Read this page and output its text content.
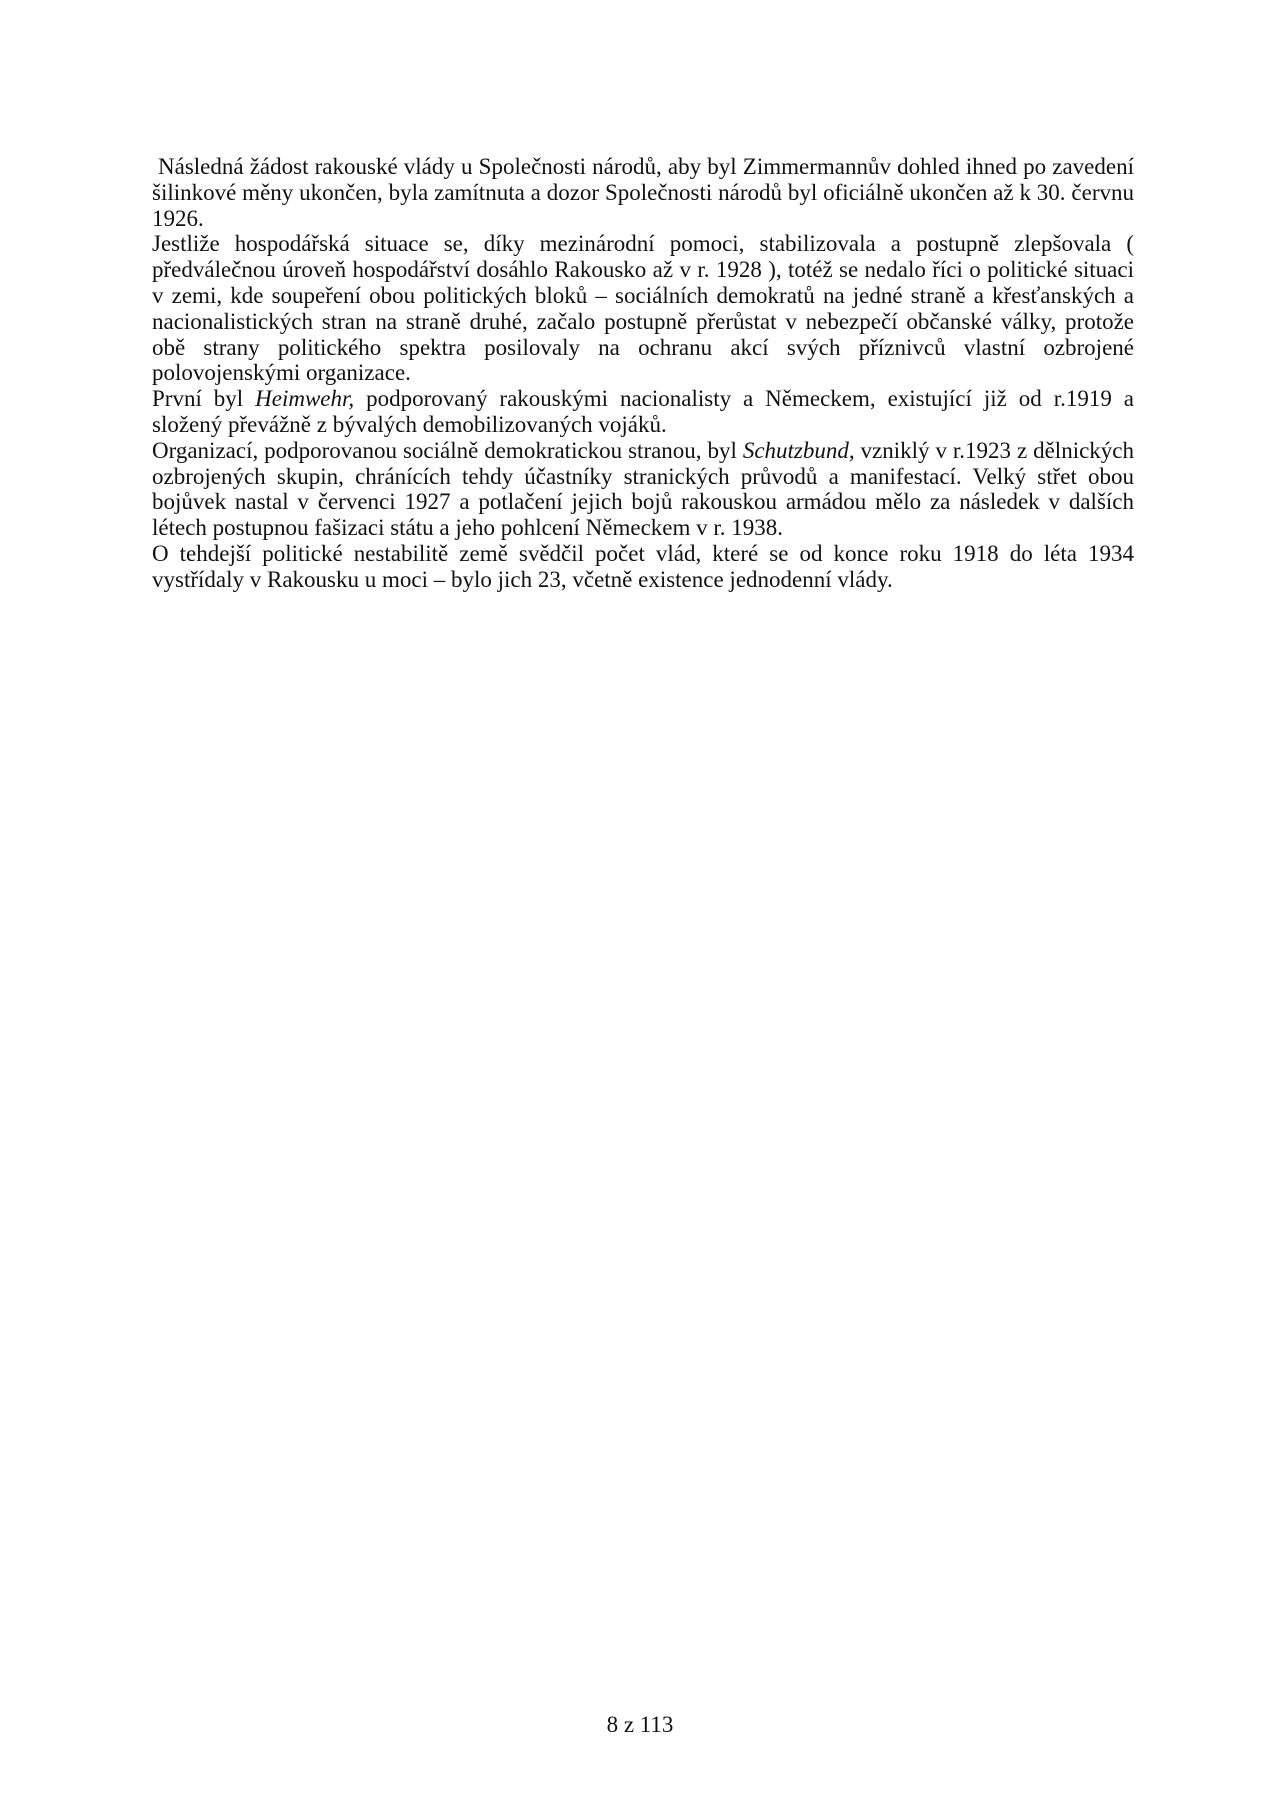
Následná žádost rakouské vlády u Společnosti národů, aby byl Zimmermannův dohled ihned po zavedení šilinkové měny ukončen, byla zamítnuta a dozor Společnosti národů byl oficiálně ukončen až k 30. červnu 1926.

Jestliže hospodářská situace se, díky mezinárodní pomoci, stabilizovala a postupně zlepšovala ( předválečnou úroveň hospodářství dosáhlo Rakousko až v r. 1928 ), totéž se nedalo říci o politické situaci v zemi, kde soupeření obou politických bloků – sociálních demokratů na jedné straně a křesťanských a nacionalistických stran na straně druhé, začalo postupně přerůstat v nebezpečí občanské války, protože obě strany politického spektra posilovaly na ochranu akcí svých příznivců vlastní ozbrojené polovojenskými organizace.

První byl Heimwehr, podporovaný rakouskými nacionalisty a Německem, existující již od r.1919 a složený převážně z bývalých demobilizovaných vojáků.

Organizací, podporovanou sociálně demokratickou stranou, byl Schutzbund, vzniklý v r.1923 z dělnických ozbrojených skupin, chránících tehdy účastníky stranických průvodů a manifestací. Velký střet obou bojůvek nastal v červenci 1927 a potlačení jejich bojů rakouskou armádou mělo za následek v dalších létech postupnou fašizaci státu a jeho pohlcení Německem v r. 1938.

O tehdejší politické nestabilitě země svědčil počet vlád, které se od konce roku 1918 do léta 1934 vystřídaly v Rakousku u moci – bylo jich 23, včetně existence jednodenní vlády.

8 z 113
